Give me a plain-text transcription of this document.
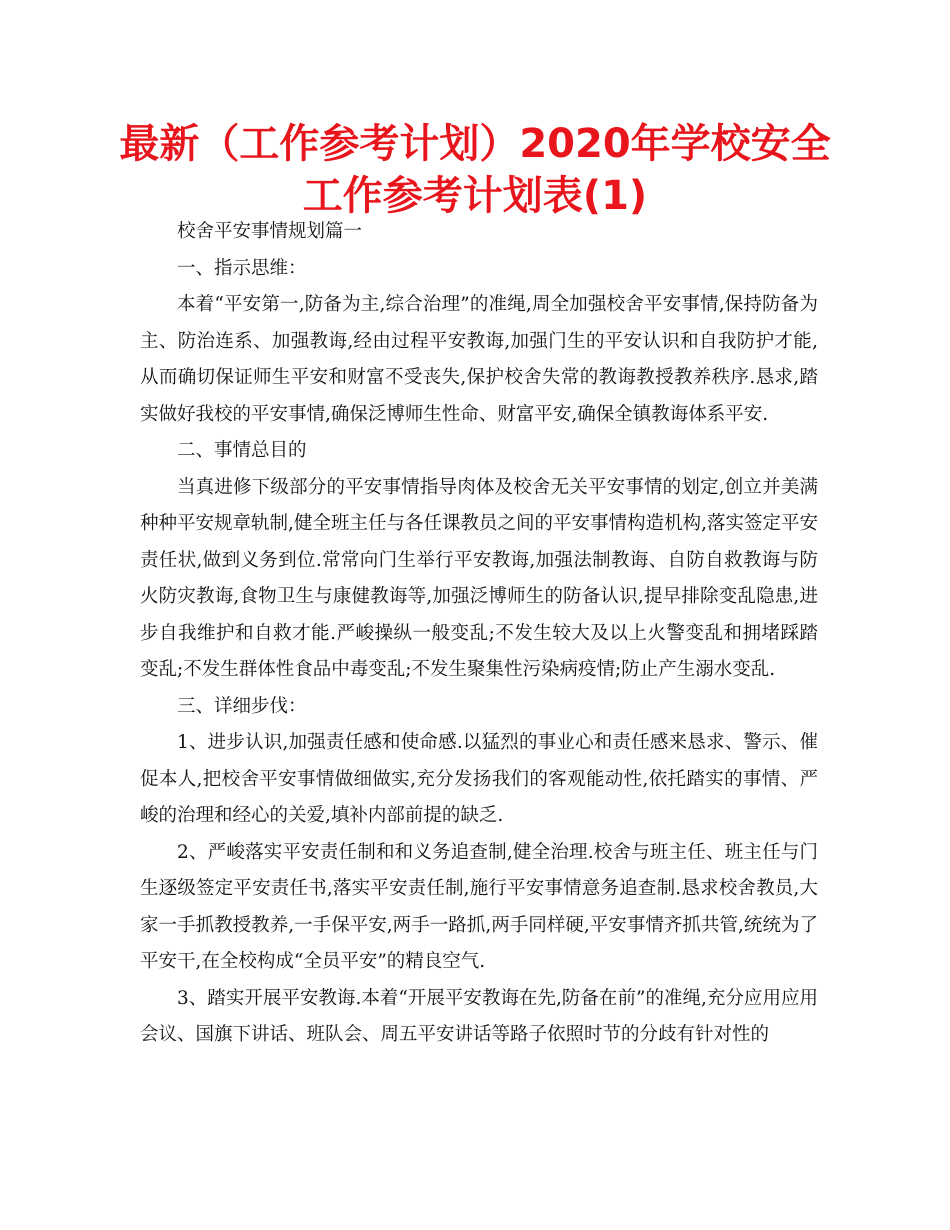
最新（工作参考计划）2020年学校安全工作参考计划表(1)

校舍平安事情规划篇一

一、指示思维：

本着“平安第一,防备为主,综合治理”的准绳,周全加强校舍平安事情,保持防备为主、防治连系、加强教诲,经由过程平安教诲,加强门生的平安认识和自我防护才能,从而确切保证师生平安和财富不受丧失,保护校舍失常的教诲教授教养秩序.恳求,踏实做好我校的平安事情,确保泛博师生性命、财富平安,确保全镇教诲体系平安.

二、事情总目的

当真进修下级部分的平安事情指导肉体及校舍无关平安事情的划定,创立并美满种种平安规章轨制,健全班主任与各任课教员之间的平安事情构造机构,落实签定平安责任状,做到义务到位.常常向门生举行平安教诲,加强法制教诲、自防自救教诲与防火防灾教诲,食物卫生与康健教诲等,加强泛博师生的防备认识,提早排除变乱隐患,进步自我维护和自救才能.严峻操纵一般变乱;不发生较大及以上火警变乱和拥堵踩踏变乱;不发生群体性食品中毒变乱;不发生聚集性污染病疫情;防止产生溺水变乱.

三、详细步伐：

1、进步认识,加强责任感和使命感.以猛烈的事业心和责任感来恳求、警示、催促本人,把校舍平安事情做细做实,充分发扬我们的客观能动性,依托踏实的事情、严峻的治理和经心的关爱,填补内部前提的缺乏.

2、严峻落实平安责任制和和义务追查制,健全治理.校舍与班主任、班主任与门生逐级签定平安责任书,落实平安责任制,施行平安事情意务追查制.恳求校舍教员,大家一手抓教授教养,一手保平安,两手一路抓,两手同样硬,平安事情齐抓共管,统统为了平安干,在全校构成“全员平安”的精良空气.

3、踏实开展平安教诲.本着“开展平安教诲在先,防备在前”的准绳,充分应用应用会议、国旗下讲话、班队会、周五平安讲话等路子依照时节的分歧有针对性的
